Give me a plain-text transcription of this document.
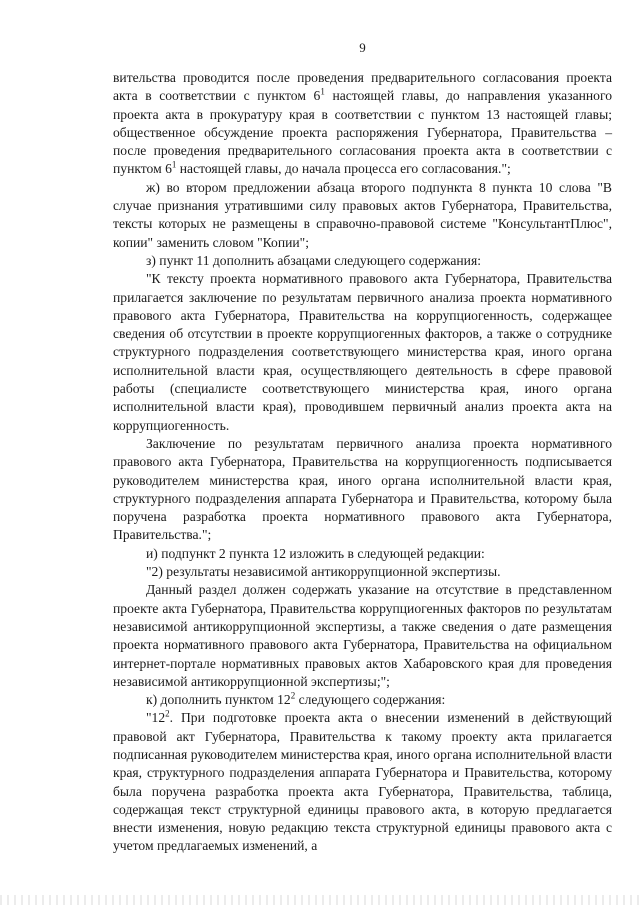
9

вительства проводится после проведения предварительного согласования проекта акта в соответствии с пунктом $6^1$ настоящей главы, до направления указанного проекта акта в прокуратуру края в соответствии с пунктом 13 настоящей главы; общественное обсуждение проекта распоряжения Губернатора, Правительства – после проведения предварительного согласования проекта акта в соответствии с пунктом $6^1$ настоящей главы, до начала процесса его согласования.";

ж) во втором предложении абзаца второго подпункта 8 пункта 10 слова "В случае признания утратившими силу правовых актов Губернатора, Правительства, тексты которых не размещены в справочно-правовой системе "КонсультантПлюс", копии" заменить словом "Копии";

з) пункт 11 дополнить абзацами следующего содержания:

"К тексту проекта нормативного правового акта Губернатора, Правительства прилагается заключение по результатам первичного анализа проекта нормативного правового акта Губернатора, Правительства на коррупциогенность, содержащее сведения об отсутствии в проекте коррупциогенных факторов, а также о сотруднике структурного подразделения соответствующего министерства края, иного органа исполнительной власти края, осуществляющего деятельность в сфере правовой работы (специалисте соответствующего министерства края, иного органа исполнительной власти края), проводившем первичный анализ проекта акта на коррупциогенность.

Заключение по результатам первичного анализа проекта нормативного правового акта Губернатора, Правительства на коррупциогенность подписывается руководителем министерства края, иного органа исполнительной власти края, структурного подразделения аппарата Губернатора и Правительства, которому была поручена разработка проекта нормативного правового акта Губернатора, Правительства.";

и) подпункт 2 пункта 12 изложить в следующей редакции:

"2) результаты независимой антикоррупционной экспертизы.

Данный раздел должен содержать указание на отсутствие в представленном проекте акта Губернатора, Правительства коррупциогенных факторов по результатам независимой антикоррупционной экспертизы, а также сведения о дате размещения проекта нормативного правового акта Губернатора, Правительства на официальном интернет-портале нормативных правовых актов Хабаровского края для проведения независимой антикоррупционной экспертизы;";

к) дополнить пунктом $12^2$ следующего содержания:

"$12^2$. При подготовке проекта акта о внесении изменений в действующий правовой акт Губернатора, Правительства к такому проекту акта прилагается подписанная руководителем министерства края, иного органа исполнительной власти края, структурного подразделения аппарата Губернатора и Правительства, которому была поручена разработка проекта акта Губернатора, Правительства, таблица, содержащая текст структурной единицы правового акта, в которую предлагается внести изменения, новую редакцию текста структурной единицы правового акта с учетом предлагаемых изменений, а
